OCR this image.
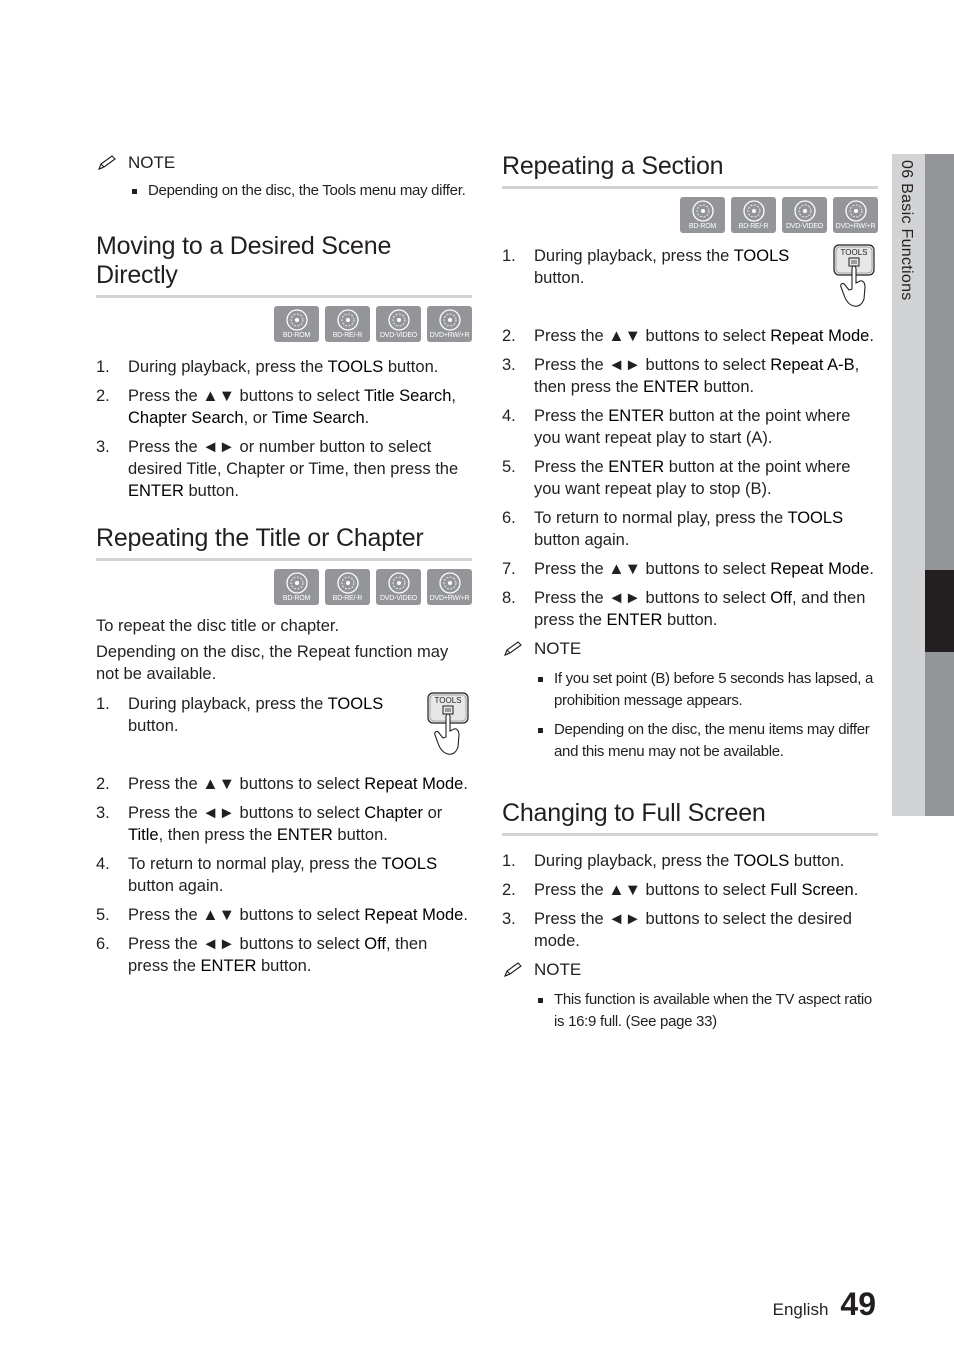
06 Basic Functions
NOTE
Depending on the disc, the Tools menu may differ.
Moving to a Desired Scene Directly
BD-ROM	BD-RE/-R	DVD-VIDEO DVD+RW/+R
1. During playback, press the TOOLS button.
2. Press the ▲▼ buttons to select Title Search, Chapter Search, or Time Search.
3. Press the ◄► or number button to select desired Title, Chapter or Time, then press the ENTER button.
Repeating the Title or Chapter
BD-ROM	BD-RE/-R	DVD-VIDEO DVD+RW/+R

To repeat the disc title or chapter.

Depending on the disc, the Repeat function may not be available.

1. During playback, press the TOOLS button.
TOOLS
2. Press the ▲▼ buttons to select Repeat Mode.
3. Press the ◄► buttons to select Chapter or Title, then press the ENTER button.
4. To return to normal play, press the TOOLS button again.
5. Press the ▲▼ buttons to select Repeat Mode.
6. Press the ◄► buttons to select Off, then press the ENTER button.
Repeating a Section
BD-ROM	BD-RE/-R	DVD-VIDEO DVD+RW/+R
1. During playback, press the TOOLS button.
TOOLS
2. Press the ▲▼ buttons to select Repeat Mode.
3. Press the ◄► buttons to select Repeat A-B, then press the ENTER button.
4. Press the ENTER button at the point where you want repeat play to start (A).
5. Press the ENTER button at the point where you want repeat play to stop (B).
6. To return to normal play, press the TOOLS button again.
7. Press the ▲▼ buttons to select Repeat Mode.
8. Press the ◄► buttons to select Off, and then press the ENTER button.
NOTE
If you set point (B) before 5 seconds has lapsed, a prohibition message appears.
Depending on the disc, the menu items may differ and this menu may not be available.
Changing to Full Screen
1. During playback, press the TOOLS button.
2. Press the ▲▼ buttons to select Full Screen.
3. Press the ◄► buttons to select the desired mode.
NOTE
This function is available when the TV aspect ratio is 16:9 full. (See page 33)
English 49
